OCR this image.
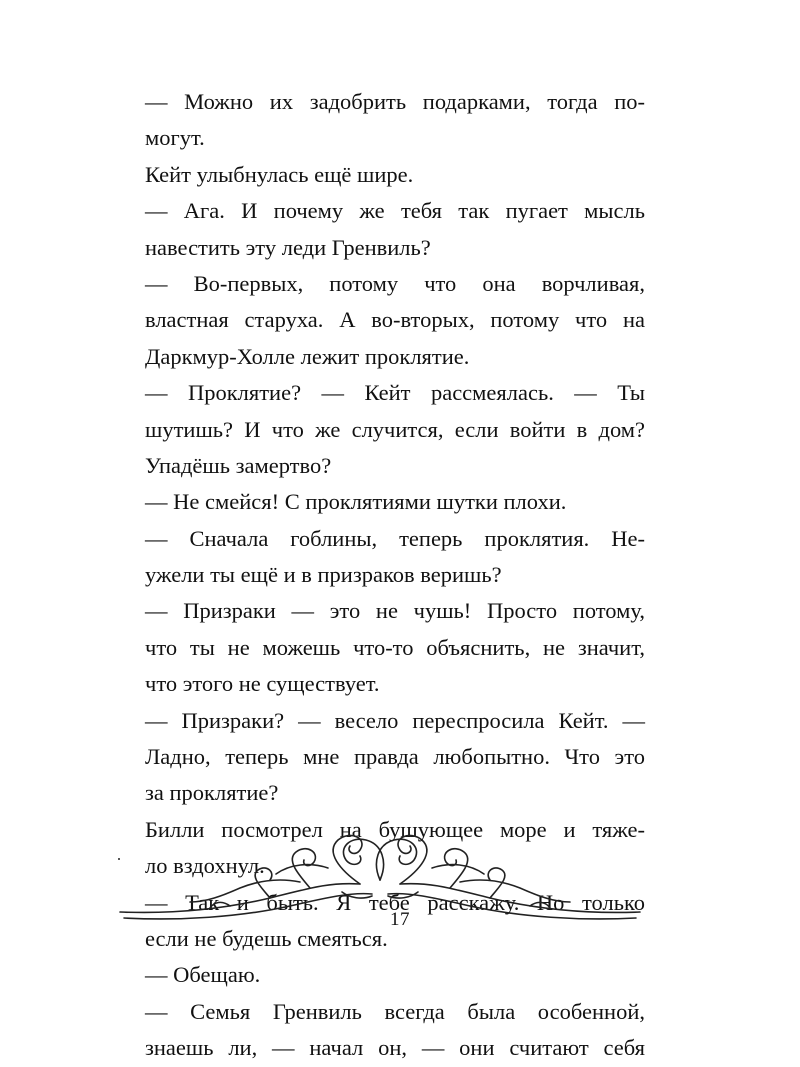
— Можно их задобрить подарками, тогда по-
могут.
Кейт улыбнулась ещё шире.
— Ага. И почему же тебя так пугает мысль
навестить эту леди Гренвиль?
— Во-первых, потому что она ворчливая,
властная старуха. А во-вторых, потому что на
Даркмур-Холле лежит проклятие.
— Проклятие? — Кейт рассмеялась. — Ты
шутишь? И что же случится, если войти в дом?
Упадёшь замертво?
— Не смейся! С проклятиями шутки плохи.
— Сначала гоблины, теперь проклятия. Не-
ужели ты ещё и в призраков веришь?
— Призраки — это не чушь! Просто потому,
что ты не можешь что-то объяснить, не значит,
что этого не существует.
— Призраки? — весело переспросила Кейт. —
Ладно, теперь мне правда любопытно. Что это
за проклятие?
Билли посмотрел на бушующее море и тяже-
ло вздохнул.
— Так и быть. Я тебе расскажу. Но только
если не будешь смеяться.
— Обещаю.
— Семья Гренвиль всегда была особенной,
знаешь ли, — начал он, — они считают себя
17
